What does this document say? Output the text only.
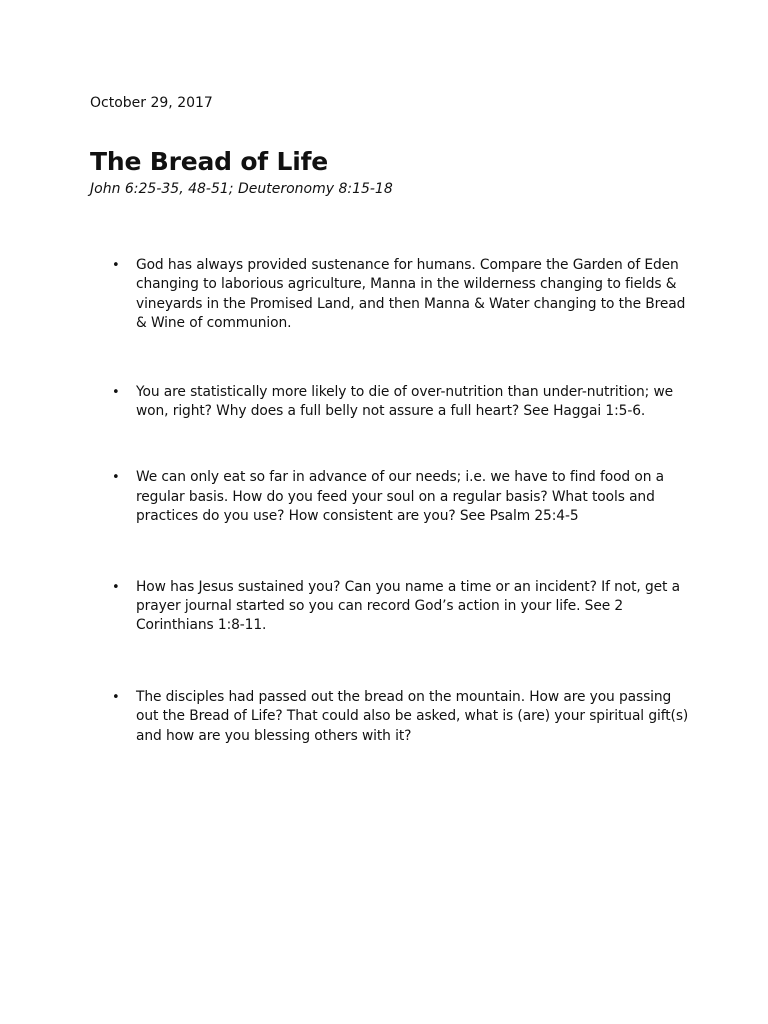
October 29, 2017
The Bread of Life
John 6:25-35, 48-51; Deuteronomy 8:15-18
• God has always provided sustenance for humans. Compare the Garden of Eden changing to laborious agriculture, Manna in the wilderness changing to fields & vineyards in the Promised Land, and then Manna & Water changing to the Bread & Wine of communion.
• You are statistically more likely to die of over-nutrition than under-nutrition; we won, right? Why does a full belly not assure a full heart? See Haggai 1:5-6.
• We can only eat so far in advance of our needs; i.e. we have to find food on a regular basis. How do you feed your soul on a regular basis? What tools and practices do you use? How consistent are you? See Psalm 25:4-5
• How has Jesus sustained you? Can you name a time or an incident? If not, get a prayer journal started so you can record God’s action in your life. See 2 Corinthians 1:8-11.
• The disciples had passed out the bread on the mountain. How are you passing out the Bread of Life? That could also be asked, what is (are) your spiritual gift(s) and how are you blessing others with it?
